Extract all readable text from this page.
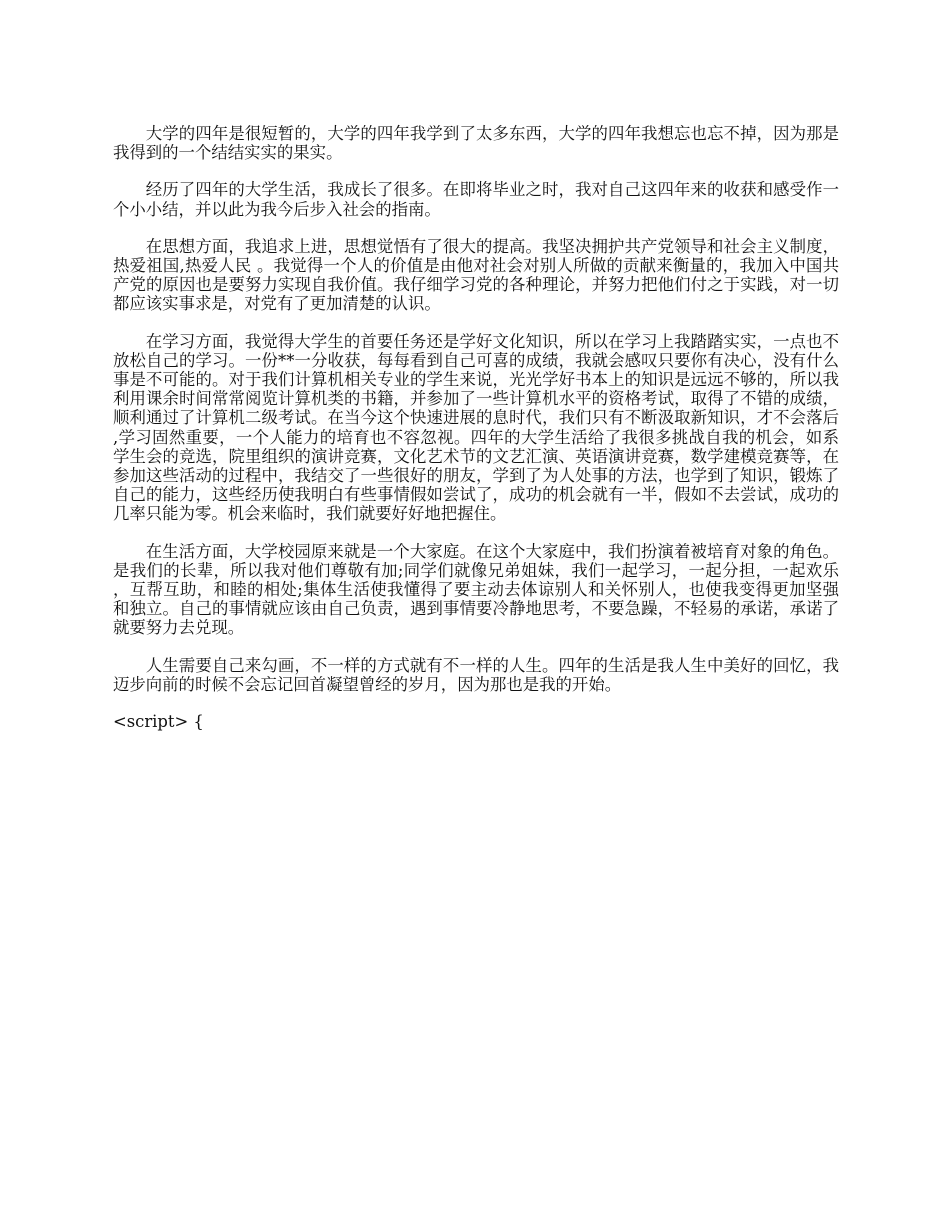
大学的四年是很短暂的，大学的四年我学到了太多东西，大学的四年我想忘也忘不掉，因为那是我得到的一个结结实实的果实。

经历了四年的大学生活，我成长了很多。在即将毕业之时，我对自己这四年来的收获和感受作一个小小结，并以此为我今后步入社会的指南。

在思想方面，我追求上进，思想觉悟有了很大的提高。我坚决拥护共产党领导和社会主义制度，热爱祖国,热爱人民 。我觉得一个人的价值是由他对社会对别人所做的贡献来衡量的，我加入中国共产党的原因也是要努力实现自我价值。我仔细学习党的各种理论，并努力把他们付之于实践，对一切都应该实事求是，对党有了更加清楚的认识。

在学习方面，我觉得大学生的首要任务还是学好文化知识，所以在学习上我踏踏实实，一点也不放松自己的学习。一份**一分收获，每每看到自己可喜的成绩，我就会感叹只要你有决心，没有什么事是不可能的。对于我们计算机相关专业的学生来说，光光学好书本上的知识是远远不够的，所以我利用课余时间常常阅览计算机类的书籍，并参加了一些计算机水平的资格考试，取得了不错的成绩，顺利通过了计算机二级考试。在当今这个快速进展的息时代，我们只有不断汲取新知识，才不会落后,学习固然重要，一个人能力的培育也不容忽视。四年的大学生活给了我很多挑战自我的机会，如系学生会的竞选，院里组织的演讲竞赛，文化艺术节的文艺汇演、英语演讲竞赛，数学建模竞赛等，在参加这些活动的过程中，我结交了一些很好的朋友，学到了为人处事的方法，也学到了知识，锻炼了自己的能力，这些经历使我明白有些事情假如尝试了，成功的机会就有一半，假如不去尝试，成功的几率只能为零。机会来临时，我们就要好好地把握住。

在生活方面，大学校园原来就是一个大家庭。在这个大家庭中，我们扮演着被培育对象的角色。是我们的长辈，所以我对他们尊敬有加;同学们就像兄弟姐妹，我们一起学习，一起分担，一起欢乐，互帮互助，和睦的相处;集体生活使我懂得了要主动去体谅别人和关怀别人，也使我变得更加坚强和独立。自己的事情就应该由自己负责，遇到事情要冷静地思考，不要急躁，不轻易的承诺，承诺了就要努力去兑现。

人生需要自己来勾画，不一样的方式就有不一样的人生。四年的生活是我人生中美好的回忆，我迈步向前的时候不会忘记回首凝望曾经的岁月，因为那也是我的开始。

<script> {
